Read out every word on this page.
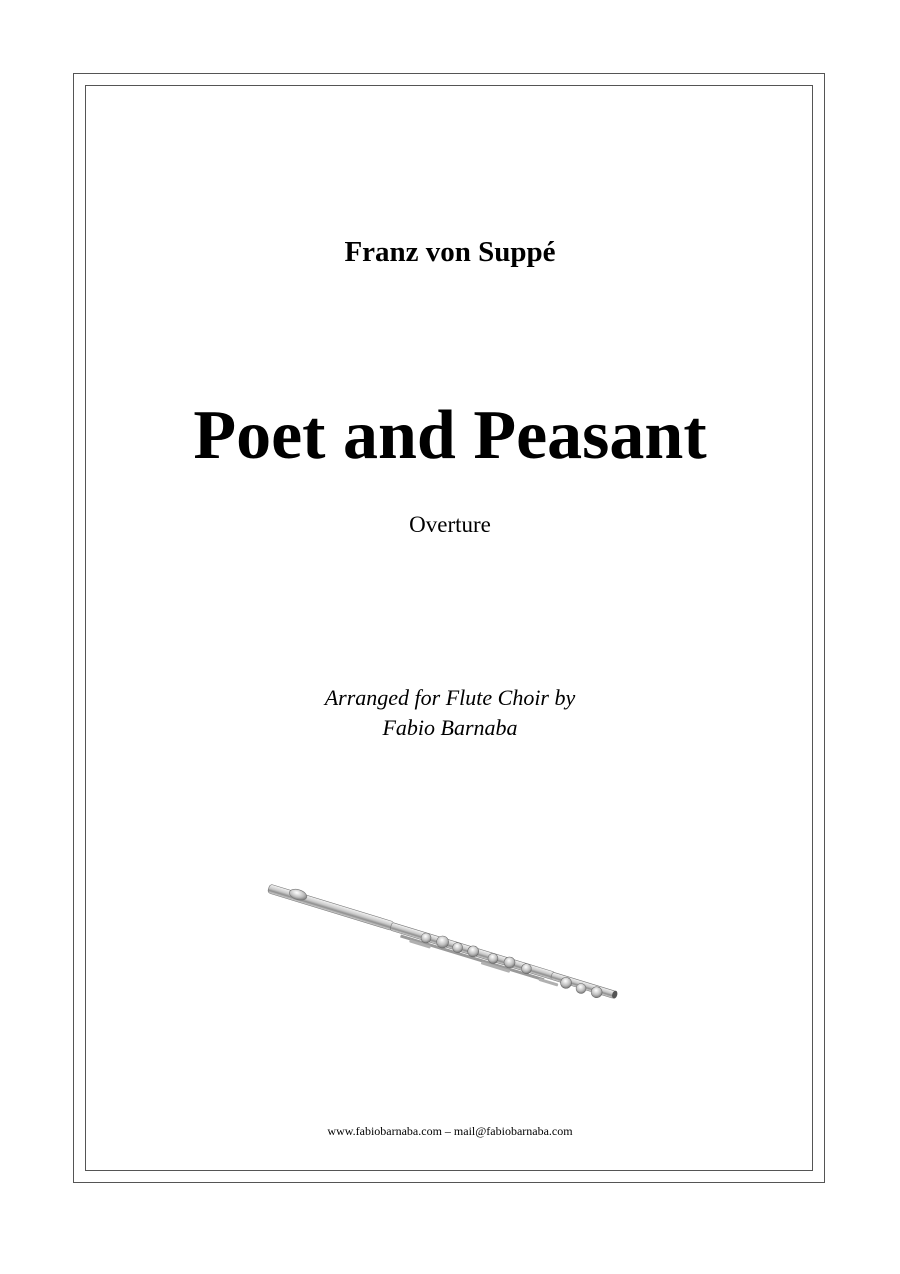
Franz von Suppé
Poet and Peasant
Overture
Arranged for Flute Choir by
Fabio Barnaba
www.fabiobarnaba.com – mail@fabiobarnaba.com
